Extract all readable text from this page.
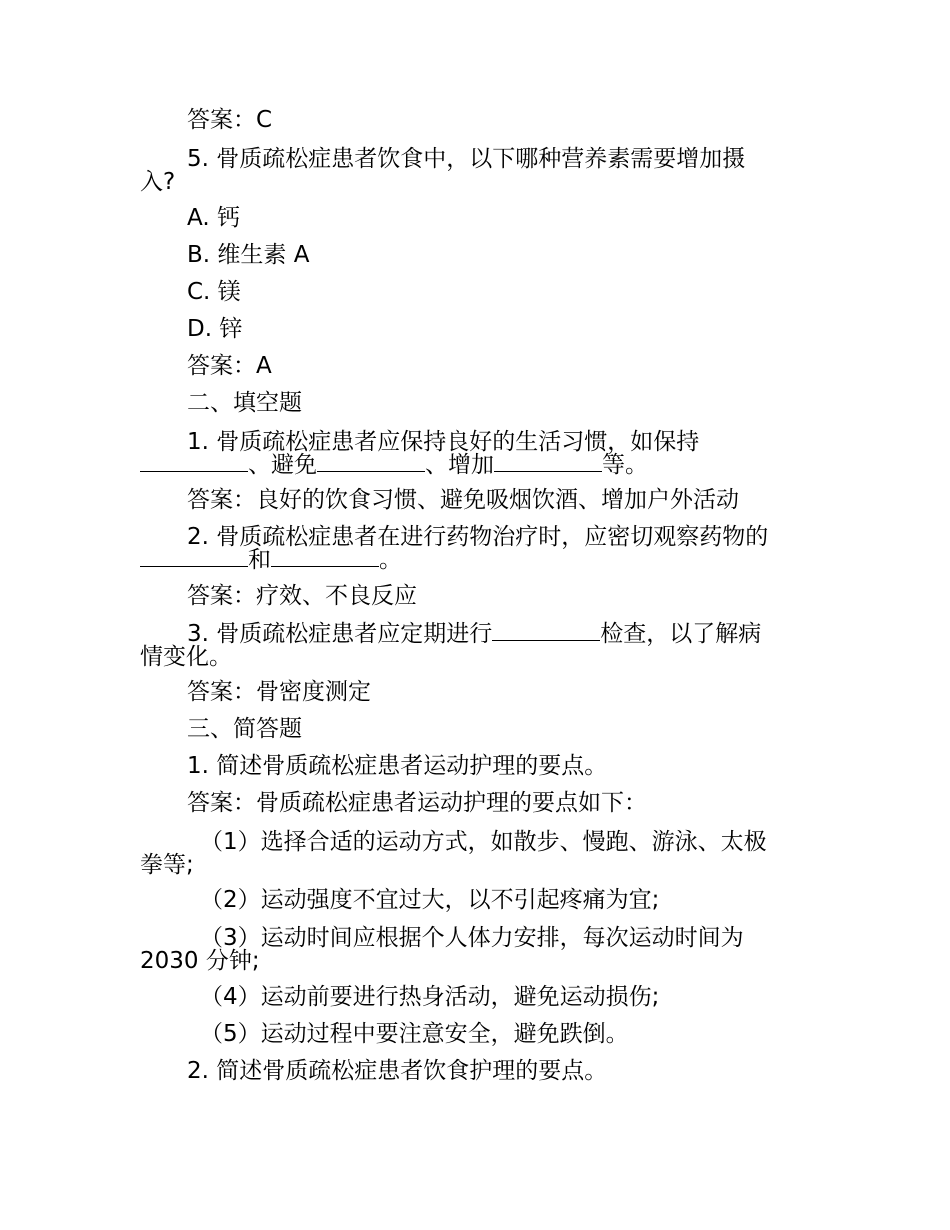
答案：C

5. 骨质疏松症患者饮食中，以下哪种营养素需要增加摄

入?

A. 钙

B. 维生素 A

C. 镁

D. 锌

答案：A

二、填空题

1. 骨质疏松症患者应保持良好的生活习惯，如保持

、避免	、增加	等。

答案：良好的饮食习惯、避免吸烟饮酒、增加户外活动

2. 骨质疏松症患者在进行药物治疗时，应密切观察药物的

和	。

答案：疗效、不良反应

3. 骨质疏松症患者应定期进行	检查，以了解病

情变化。

答案：骨密度测定

三、简答题

1. 简述骨质疏松症患者运动护理的要点。

答案：骨质疏松症患者运动护理的要点如下：

（1）选择合适的运动方式，如散步、慢跑、游泳、太极

拳等;

（2）运动强度不宜过大，以不引起疼痛为宜;

（3）运动时间应根据个人体力安排，每次运动时间为

2030 分钟;

（4）运动前要进行热身活动，避免运动损伤;

（5）运动过程中要注意安全，避免跌倒。

2. 简述骨质疏松症患者饮食护理的要点。
